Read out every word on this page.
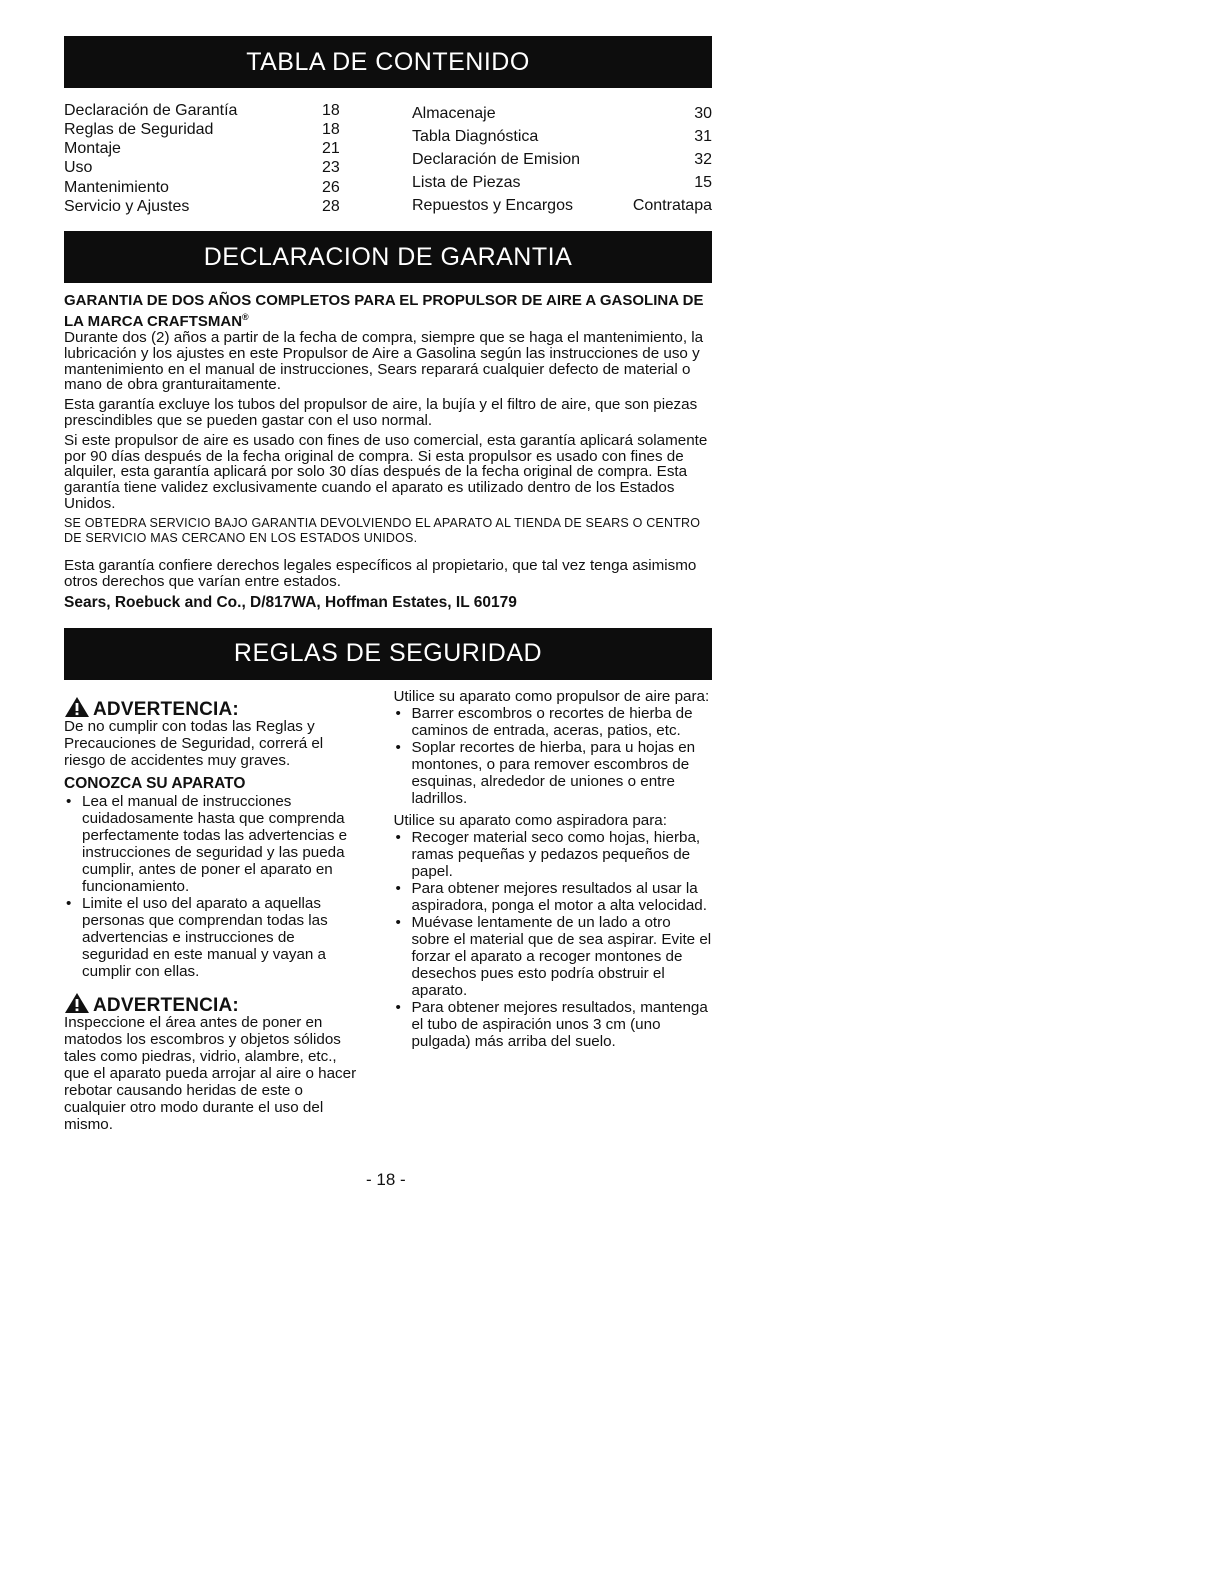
TABLA DE CONTENIDO
Declaración de Garantía	18
Reglas de Seguridad	18
Montaje	21
Uso	23
Mantenimiento	26
Servicio y Ajustes	28
Almacenaje	30
Tabla Diagnóstica	31
Declaración de Emision	32
Lista de Piezas	15
Repuestos y Encargos	Contratapa
DECLARACION DE GARANTIA
GARANTIA DE DOS AÑOS COMPLETOS PARA EL PROPULSOR DE AIRE A GASOLINA DE LA MARCA CRAFTSMAN®

Durante dos (2) años a partir de la fecha de compra, siempre que se haga el mantenimiento, la lubricación y los ajustes en este Propulsor de Aire a Gasolina según las instrucciones de uso y mantenimiento en el manual de instrucciones, Sears reparará cualquier defecto de material o mano de obra granturaitamente.

Esta garantía excluye los tubos del propulsor de aire, la bujía y el filtro de aire, que son piezas prescindibles que se pueden gastar con el uso normal.

Si este propulsor de aire es usado con fines de uso comercial, esta garantía aplicará solamente por 90 días después de la fecha original de compra. Si esta propulsor es usado con fines de alquiler, esta garantía aplicará por solo 30 días después de la fecha original de compra. Esta garantía tiene validez exclusivamente cuando el aparato es utilizado dentro de los Estados Unidos.

SE OBTEDRA SERVICIO BAJO GARANTIA DEVOLVIENDO EL APARATO AL TIENDA DE SEARS O CENTRO DE SERVICIO MAS CERCANO EN LOS ESTADOS UNIDOS.

Esta garantía confiere derechos legales específicos al propietario, que tal vez tenga asimismo otros derechos que varían entre estados.

Sears, Roebuck and Co., D/817WA, Hoffman Estates, IL 60179
REGLAS DE SEGURIDAD
ADVERTENCIA:
De no cumplir con todas las Reglas y Precauciones de Seguridad, correrá el riesgo de accidentes muy graves.
CONOZCA SU APARATO
• Lea el manual de instrucciones cuidadosamente hasta que comprenda perfectamente todas las advertencias e instrucciones de seguridad y las pueda cumplir, antes de poner el aparato en funcionamiento.
• Limite el uso del aparato a aquellas personas que comprendan todas las advertencias e instrucciones de seguridad en este manual y vayan a cumplir con ellas.
ADVERTENCIA:
Inspeccione el área antes de poner en matodos los escombros y objetos sólidos tales como piedras, vidrio, alambre, etc., que el aparato pueda arrojar al aire o hacer rebotar causando heridas de este o cualquier otro modo durante el uso del mismo.

Utilice su aparato como propulsor de aire para:

• Barrer escombros o recortes de hierba de caminos de entrada, aceras, patios, etc.
• Soplar recortes de hierba, para u hojas en montones, o para remover escombros de esquinas, alrededor de uniones o entre ladrillos.

Utilice su aparato como aspiradora para:

• Recoger material seco como hojas, hierba, ramas pequeñas y pedazos pequeños de papel.
• Para obtener mejores resultados al usar la aspiradora, ponga el motor a alta velocidad.
• Muévase lentamente de un lado a otro sobre el material que de sea aspirar. Evite el forzar el aparato a recoger montones de desechos pues esto podría obstruir el aparato.
• Para obtener mejores resultados, mantenga el tubo de aspiración unos 3 cm (uno pulgada) más arriba del suelo.
- 18 -
